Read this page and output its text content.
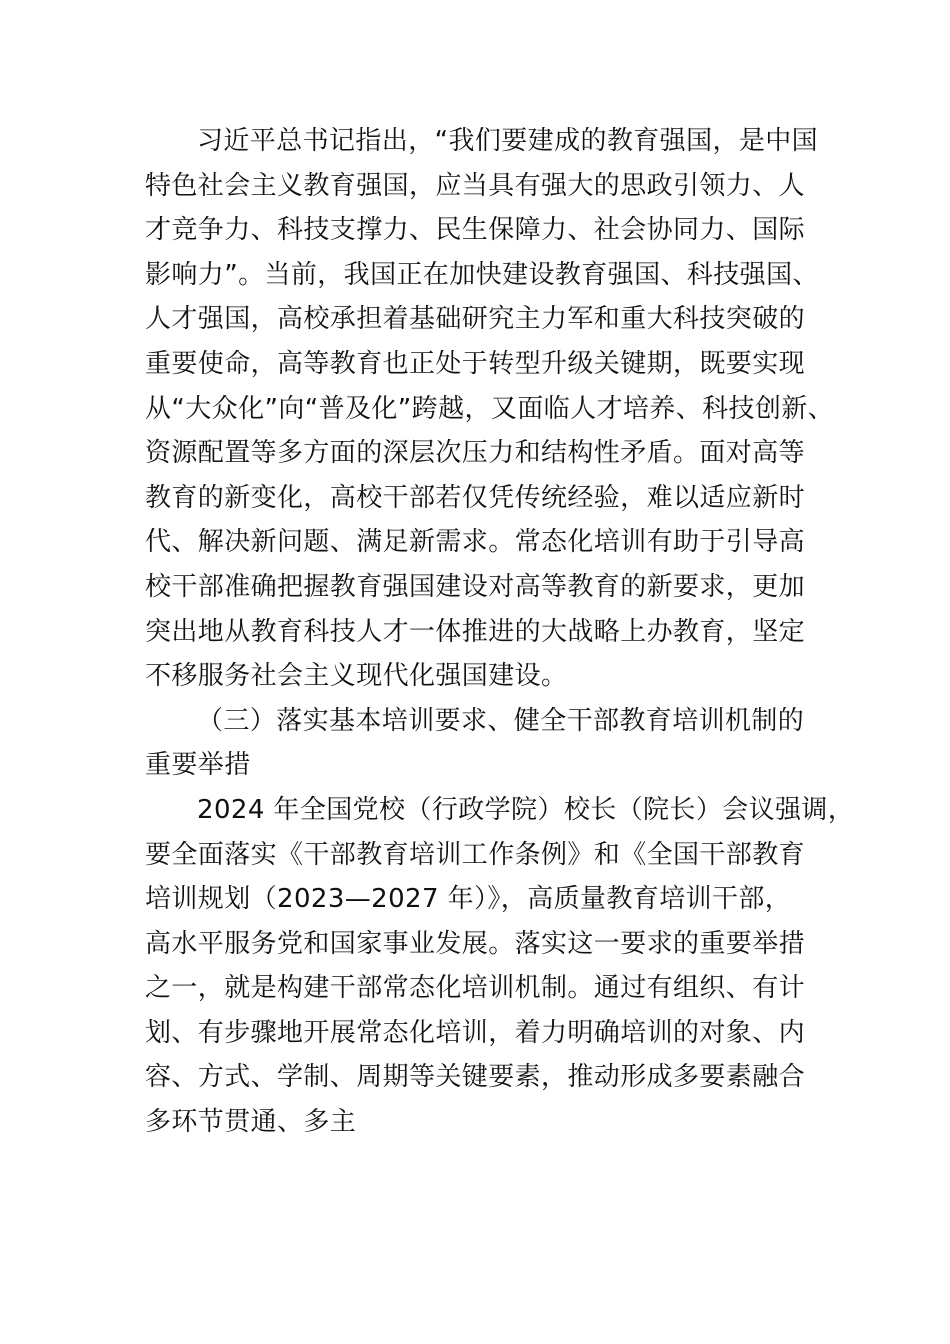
习近平总书记指出，“我们要建成的教育强国，是中国
特色社会主义教育强国，应当具有强大的思政引领力、人
才竞争力、科技支撑力、民生保障力、社会协同力、国际
影响力”。当前，我国正在加快建设教育强国、科技强国、
人才强国，高校承担着基础研究主力军和重大科技突破的
重要使命，高等教育也正处于转型升级关键期，既要实现
从“大众化”向“普及化”跨越，又面临人才培养、科技创新、
资源配置等多方面的深层次压力和结构性矛盾。面对高等
教育的新变化，高校干部若仅凭传统经验，难以适应新时
代、解决新问题、满足新需求。常态化培训有助于引导高
校干部准确把握教育强国建设对高等教育的新要求，更加
突出地从教育科技人才一体推进的大战略上办教育，坚定
不移服务社会主义现代化强国建设。
（三）落实基本培训要求、健全干部教育培训机制的
重要举措
2024 年全国党校（行政学院）校长（院长）会议强调，
要全面落实《干部教育培训工作条例》和《全国干部教育
培训规划（2023—2027 年）》，高质量教育培训干部，
高水平服务党和国家事业发展。落实这一要求的重要举措
之一，就是构建干部常态化培训机制。通过有组织、有计
划、有步骤地开展常态化培训，着力明确培训的对象、内
容、方式、学制、周期等关键要素，推动形成多要素融合
多环节贯通、多主
